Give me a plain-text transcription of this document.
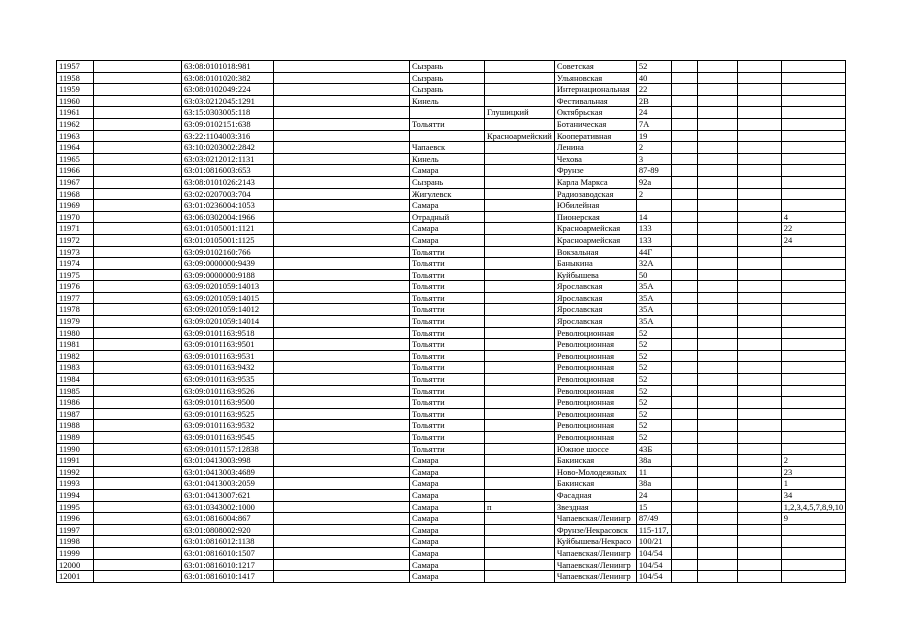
11957		63:08:0101018:981		Сызрань		Советская	52				
11958		63:08:0101020:382		Сызрань		Ульяновская	40				
11959		63:08:0102049:224		Сызрань		Интернациональная	22				
11960		63:03:0212045:1291		Кинель		Фестивальная	2В				
11961		63:15:0303005:118			Глушицкий	Октябрьская	24				
11962		63:09:0102151:638		Тольятти		Ботаническая	7А				
11963		63:22:1104003:316			Красноармейский	Кооперативная	19				
11964		63:10:0203002:2842		Чапаевск		Ленина	2				
11965		63:03:0212012:1131		Кинель		Чехова	3				
11966		63:01:0816003:653		Самара		Фрунзе	87-89				
11967		63:08:0101026:2143		Сызрань		Карла Маркса	92а				
11968		63:02:0207003:704		Жигулевск		Радиозаводская	2				
11969		63:01:0236004:1053		Самара		Юбилейная					
11970		63:06:0302004:1966		Отрадный		Пионерская	14				4
11971		63:01:0105001:1121		Самара		Красноармейская	133				22
11972		63:01:0105001:1125		Самара		Красноармейская	133				24
11973		63:09:0102160:766		Тольятти		Вокзальная	44Г				
11974		63:09:0000000:9439		Тольятти		Баныкина	32А				
11975		63:09:0000000:9188		Тольятти		Куйбышева	50				
11976		63:09:0201059:14013		Тольятти		Ярославская	35А				
11977		63:09:0201059:14015		Тольятти		Ярославская	35А				
11978		63:09:0201059:14012		Тольятти		Ярославская	35А				
11979		63:09:0201059:14014		Тольятти		Ярославская	35А				
11980		63:09:0101163:9518		Тольятти		Революционная	52				
11981		63:09:0101163:9501		Тольятти		Революционная	52				
11982		63:09:0101163:9531		Тольятти		Революционная	52				
11983		63:09:0101163:9432		Тольятти		Революционная	52				
11984		63:09:0101163:9535		Тольятти		Революционная	52				
11985		63:09:0101163:9526		Тольятти		Революционная	52				
11986		63:09:0101163:9500		Тольятти		Революционная	52				
11987		63:09:0101163:9525		Тольятти		Революционная	52				
11988		63:09:0101163:9532		Тольятти		Революционная	52				
11989		63:09:0101163:9545		Тольятти		Революционная	52				
11990		63:09:0101157:12838		Тольятти		Южное шоссе	43Б				
11991		63:01:0413003:998		Самара		Бакинская	38а				2
11992		63:01:0413003:4689		Самара		Ново-Молодежных	11				23
11993		63:01:0413003:2059		Самара		Бакинская	38а				1
11994		63:01:0413007:621		Самара		Фасадная	24				34
11995		63:01:0343002:1000		Самара	п	Звездная	15				1,2,3,4,5,7,8,9,10
11996		63:01:0816004:867		Самара		Чапаевская/Ленингр	87/49				9
11997		63:01:0808002:920		Самара		Фрунзе/Некрасовск	115-117,				
11998		63:01:0816012:1138		Самара		Куйбышева/Некрасо	100/21				
11999		63:01:0816010:1507		Самара		Чапаевская/Ленингр	104/54				
12000		63:01:0816010:1217		Самара		Чапаевская/Ленингр	104/54				
12001		63:01:0816010:1417		Самара		Чапаевская/Ленингр	104/54				
